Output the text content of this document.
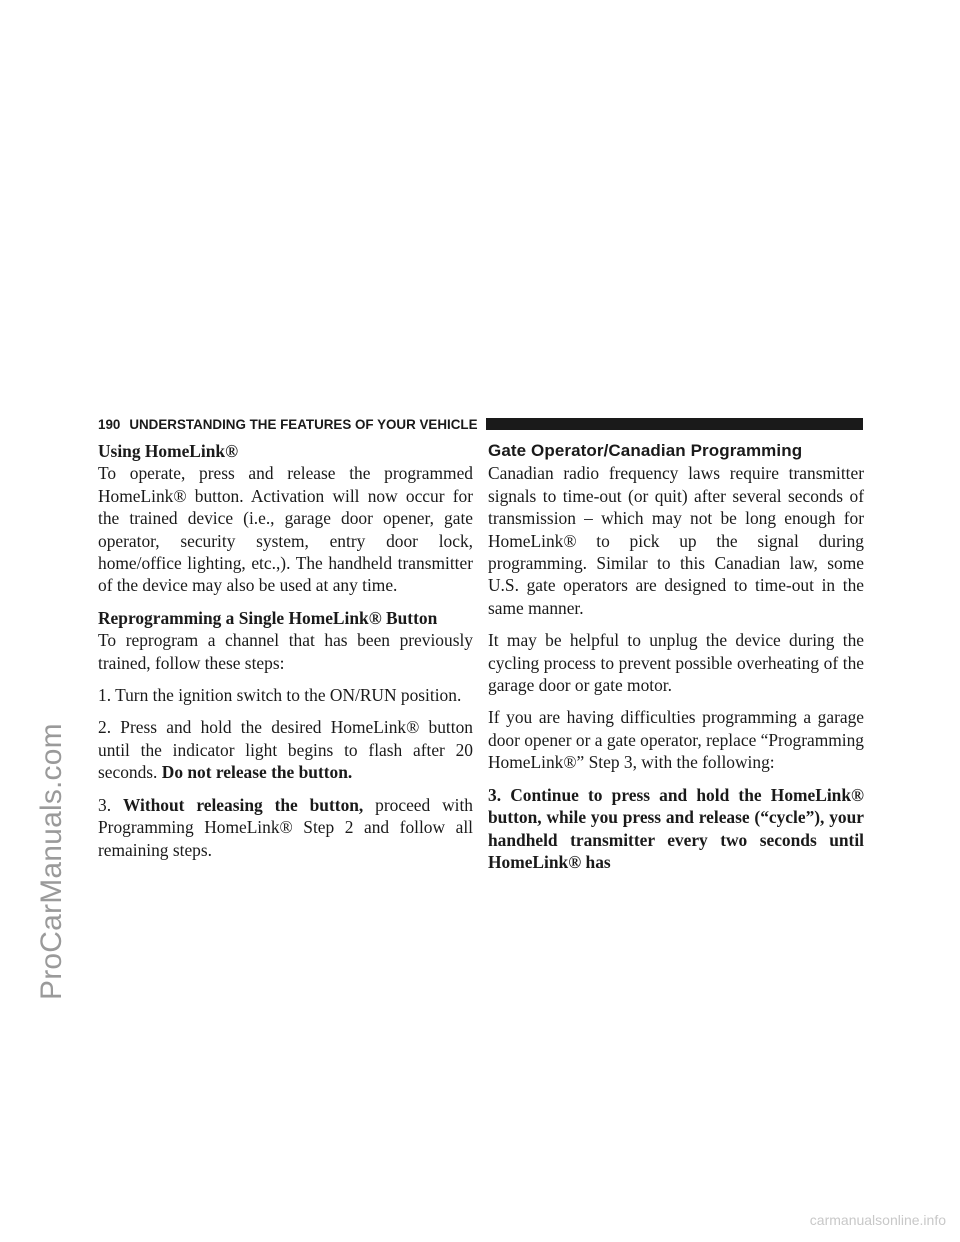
ProCarManuals.com
190 UNDERSTANDING THE FEATURES OF YOUR VEHICLE
Using HomeLink®

To operate, press and release the programmed HomeLink® button. Activation will now occur for the trained device (i.e., garage door opener, gate operator, security system, entry door lock, home/office lighting, etc.,). The handheld transmitter of the device may also be used at any time.

Reprogramming a Single HomeLink® Button

To reprogram a channel that has been previously trained, follow these steps:

1. Turn the ignition switch to the ON/RUN position.

2. Press and hold the desired HomeLink® button until the indicator light begins to flash after 20 seconds. Do not release the button.

3. Without releasing the button, proceed with Programming HomeLink® Step 2 and follow all remaining steps.

Gate Operator/Canadian Programming

Canadian radio frequency laws require transmitter signals to time-out (or quit) after several seconds of transmission – which may not be long enough for HomeLink® to pick up the signal during programming. Similar to this Canadian law, some U.S. gate operators are designed to time-out in the same manner.

It may be helpful to unplug the device during the cycling process to prevent possible overheating of the garage door or gate motor.

If you are having difficulties programming a garage door opener or a gate operator, replace “Programming HomeLink®” Step 3, with the following:

3. Continue to press and hold the HomeLink® button, while you press and release (“cycle”), your handheld transmitter every two seconds until HomeLink® has

carmanualsonline.info
